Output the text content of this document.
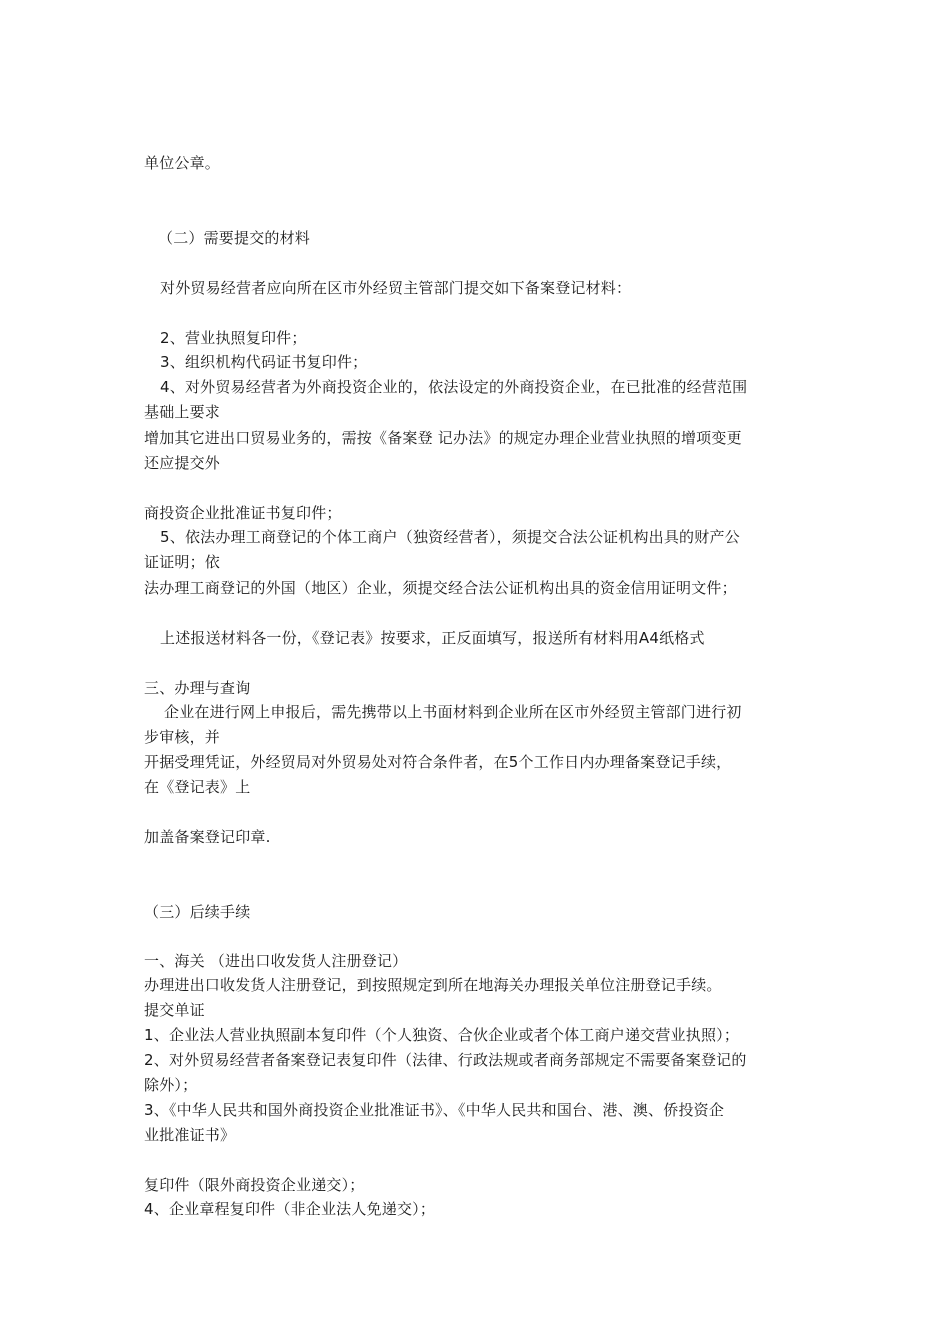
单位公章。
（二）需要提交的材料
对外贸易经营者应向所在区市外经贸主管部门提交如下备案登记材料：
2、营业执照复印件；
3、组织机构代码证书复印件；
4、对外贸易经营者为外商投资企业的，依法设定的外商投资企业，在已批准的经营范围
基础上要求
增加其它进出口贸易业务的，需按《备案登 记办法》的规定办理企业营业执照的增项变更
还应提交外
商投资企业批准证书复印件；
5、依法办理工商登记的个体工商户（独资经营者），须提交合法公证机构出具的财产公
证证明；依
法办理工商登记的外国（地区）企业，须提交经合法公证机构出具的资金信用证明文件；
上述报送材料各一份，《登记表》按要求，正反面填写，报送所有材料用A4纸格式
三、办理与查询
企业在进行网上申报后，需先携带以上书面材料到企业所在区市外经贸主管部门进行初
步审核，并
开据受理凭证，外经贸局对外贸易处对符合条件者，在5个工作日内办理备案登记手续，
在《登记表》上
加盖备案登记印章.
（三）后续手续
一、海关 （进出口收发货人注册登记）
办理进出口收发货人注册登记，到按照规定到所在地海关办理报关单位注册登记手续。
提交单证
1、企业法人营业执照副本复印件（个人独资、合伙企业或者个体工商户递交营业执照）；
2、对外贸易经营者备案登记表复印件（法律、行政法规或者商务部规定不需要备案登记的
除外）；
3、《中华人民共和国外商投资企业批准证书》、《中华人民共和国台、港、澳、侨投资企
业批准证书》
复印件（限外商投资企业递交）；
4、企业章程复印件（非企业法人免递交）；
